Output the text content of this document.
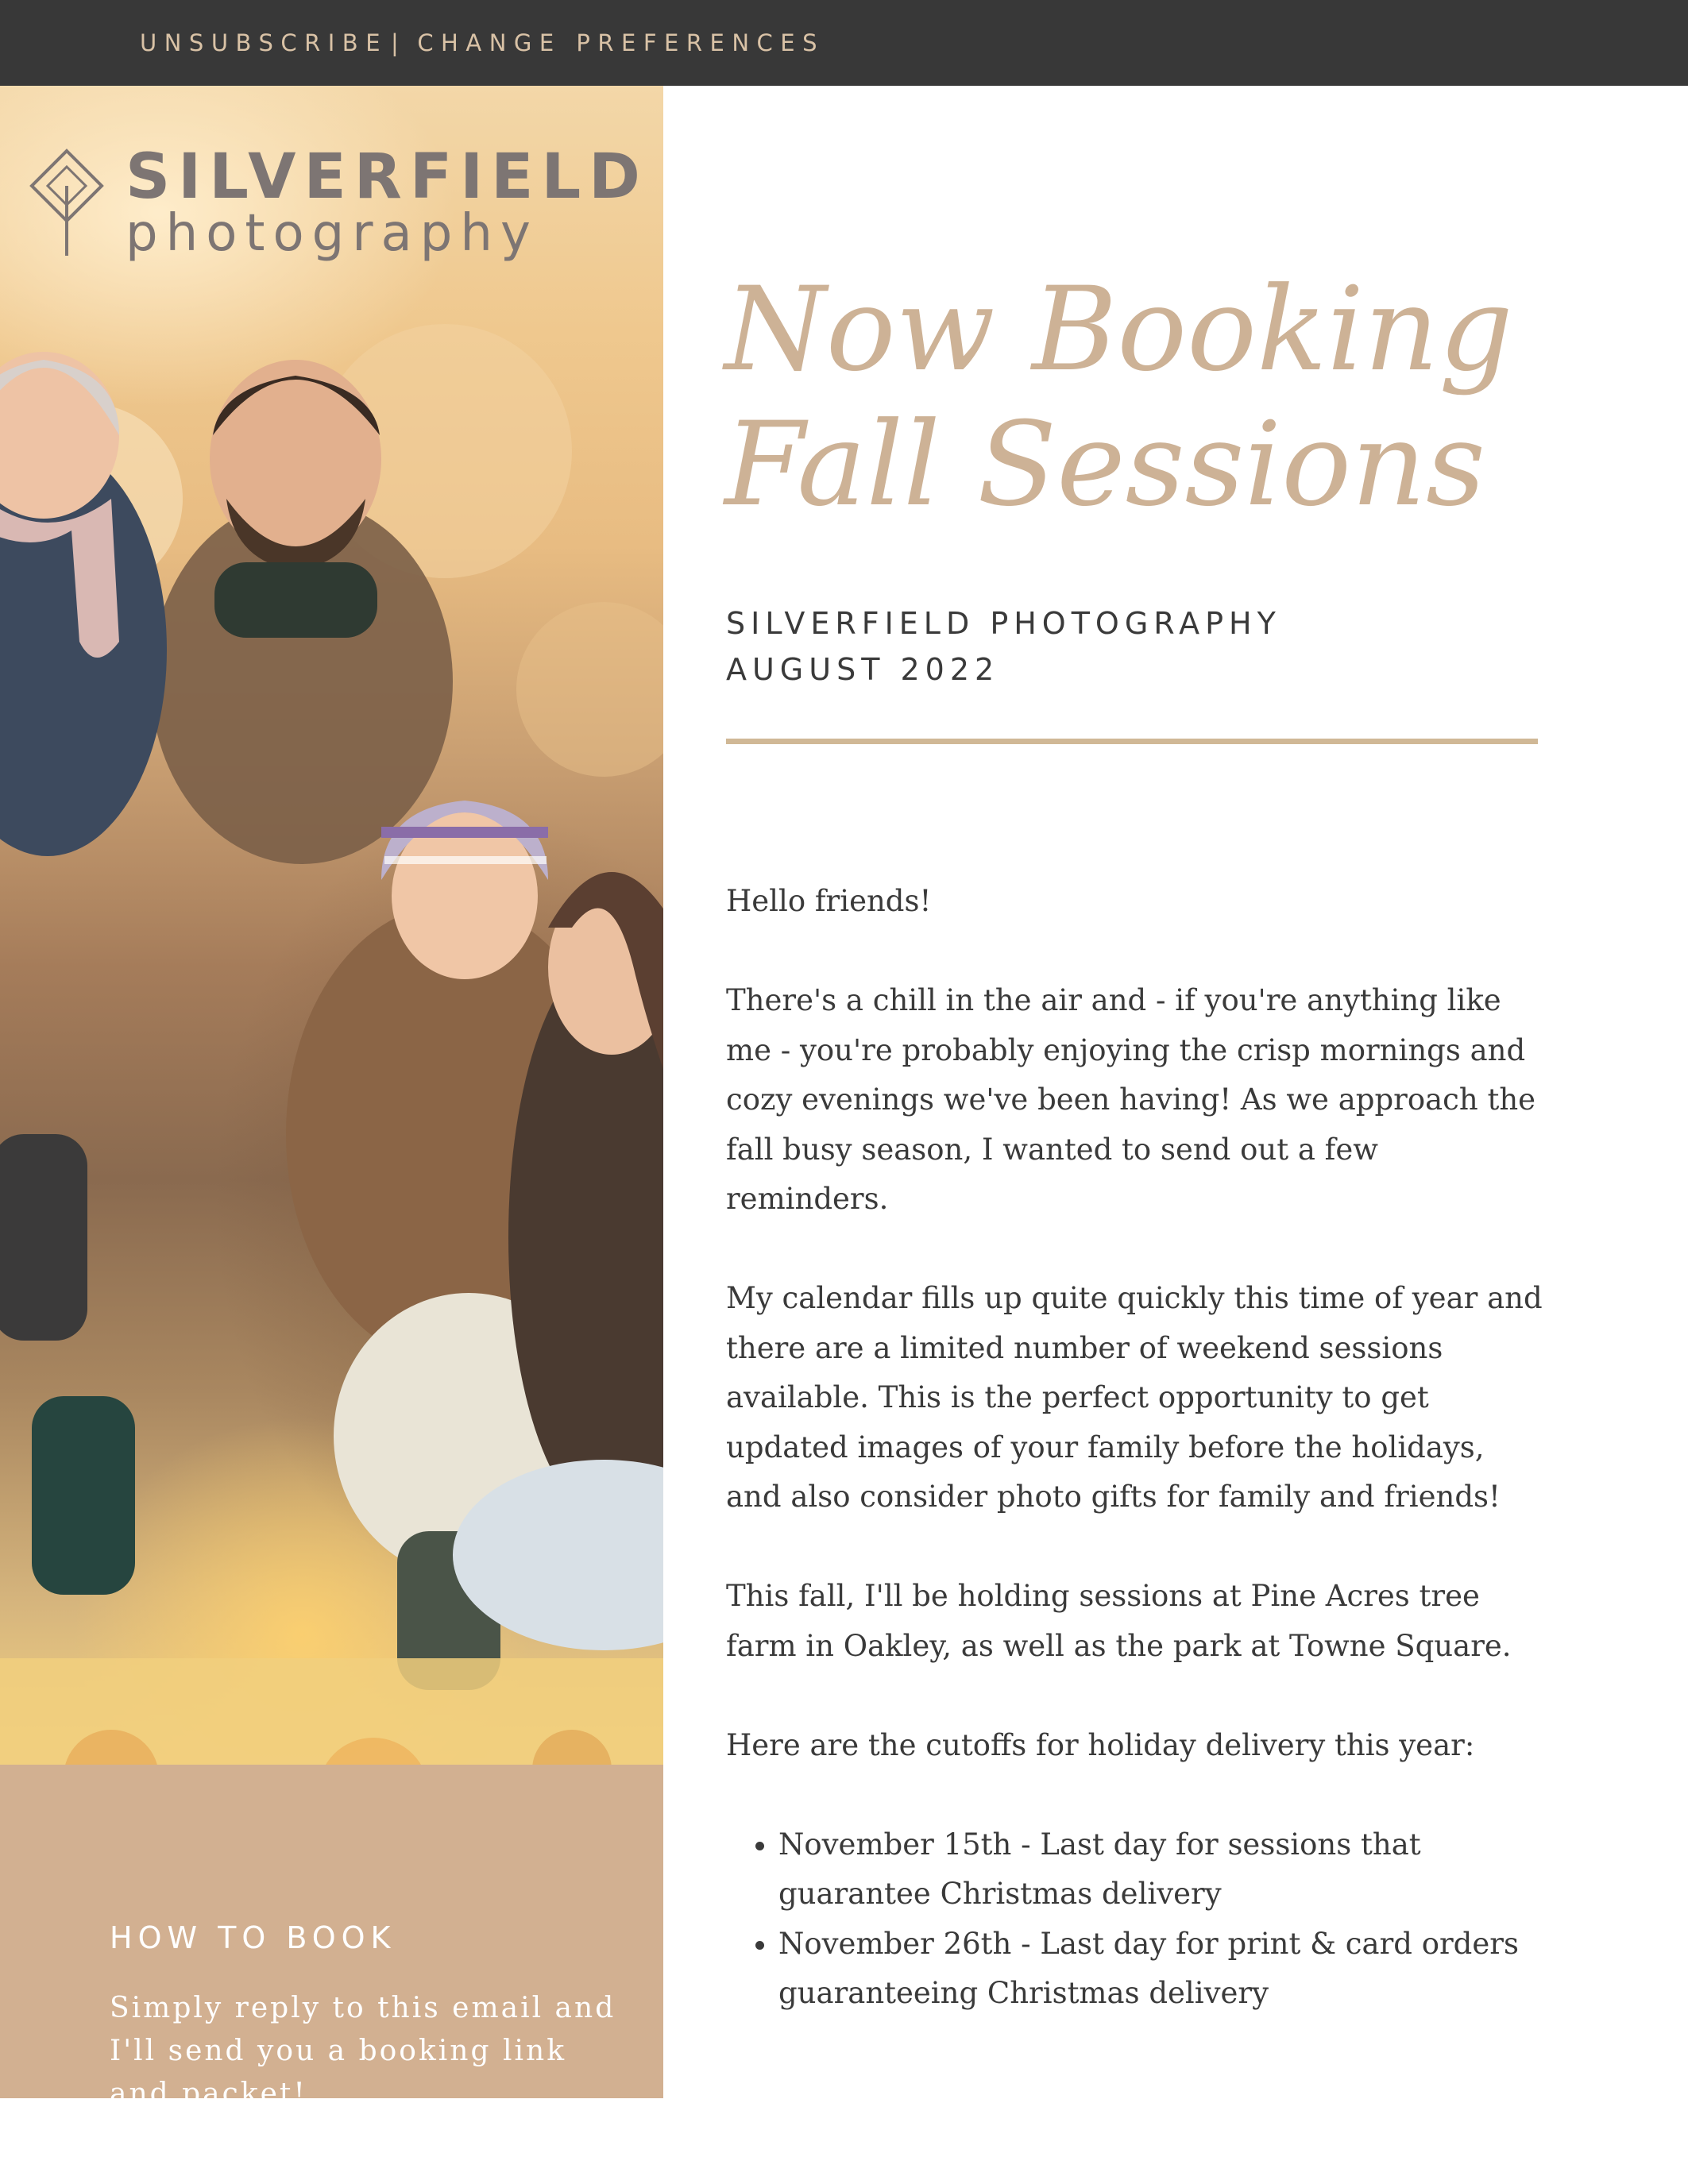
UNSUBSCRIBE | CHANGE PREFERENCES
SILVERFIELD
photography
HOW TO BOOK
Simply reply to this email and I'll send you a booking link and packet!
Now Booking
Fall Sessions
SILVERFIELD PHOTOGRAPHY
AUGUST 2022

Hello friends!

There's a chill in the air and - if you're anything like me - you're probably enjoying the crisp mornings and cozy evenings we've been having! As we approach the fall busy season, I wanted to send out a few reminders.

My calendar fills up quite quickly this time of year and there are a limited number of weekend sessions available. This is the perfect opportunity to get updated images of your family before the holidays, and also consider photo gifts for family and friends!

This fall, I'll be holding sessions at Pine Acres tree farm in Oakley, as well as the park at Towne Square.

Here are the cutoffs for holiday delivery this year:

• November 15th - Last day for sessions that guarantee Christmas delivery
• November 26th - Last day for print & card orders guaranteeing Christmas delivery
